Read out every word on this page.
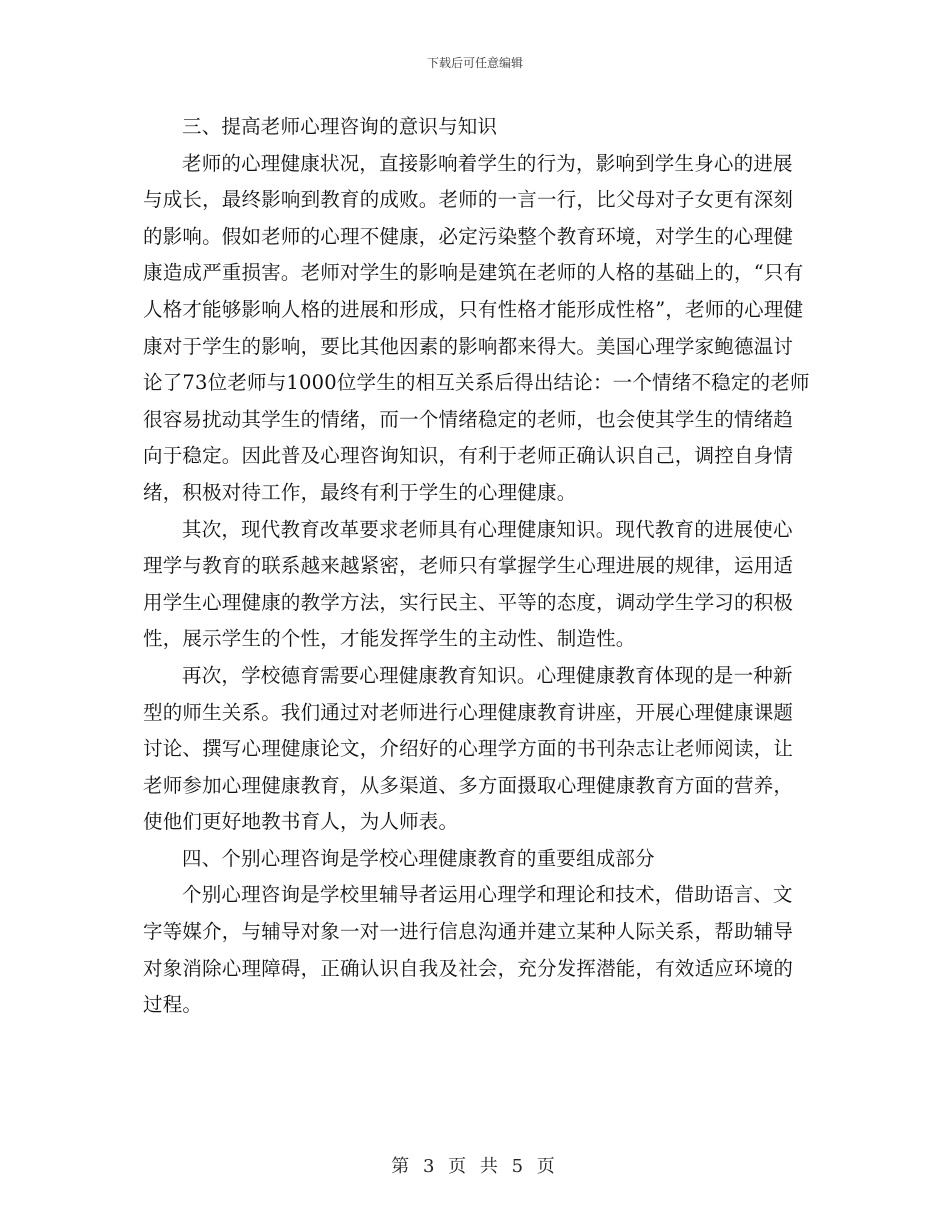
下载后可任意编辑

三、提高老师心理咨询的意识与知识

老师的心理健康状况，直接影响着学生的行为，影响到学生身心的进展与成长，最终影响到教育的成败。老师的一言一行，比父母对子女更有深刻的影响。假如老师的心理不健康，必定污染整个教育环境，对学生的心理健康造成严重损害。老师对学生的影响是建筑在老师的人格的基础上的，“只有人格才能够影响人格的进展和形成，只有性格才能形成性格”，老师的心理健康对于学生的影响，要比其他因素的影响都来得大。美国心理学家鲍德温讨论了73位老师与1000位学生的相互关系后得出结论：一个情绪不稳定的老师很容易扰动其学生的情绪，而一个情绪稳定的老师，也会使其学生的情绪趋向于稳定。因此普及心理咨询知识，有利于老师正确认识自己，调控自身情绪，积极对待工作，最终有利于学生的心理健康。

其次，现代教育改革要求老师具有心理健康知识。现代教育的进展使心理学与教育的联系越来越紧密，老师只有掌握学生心理进展的规律，运用适用学生心理健康的教学方法，实行民主、平等的态度，调动学生学习的积极性，展示学生的个性，才能发挥学生的主动性、制造性。

再次，学校德育需要心理健康教育知识。心理健康教育体现的是一种新型的师生关系。我们通过对老师进行心理健康教育讲座，开展心理健康课题讨论、撰写心理健康论文，介绍好的心理学方面的书刊杂志让老师阅读，让老师参加心理健康教育，从多渠道、多方面摄取心理健康教育方面的营养，使他们更好地教书育人，为人师表。

四、个别心理咨询是学校心理健康教育的重要组成部分

个别心理咨询是学校里辅导者运用心理学和理论和技术，借助语言、文字等媒介，与辅导对象一对一进行信息沟通并建立某种人际关系，帮助辅导对象消除心理障碍，正确认识自我及社会，充分发挥潜能，有效适应环境的过程。

第 3 页 共 5 页
